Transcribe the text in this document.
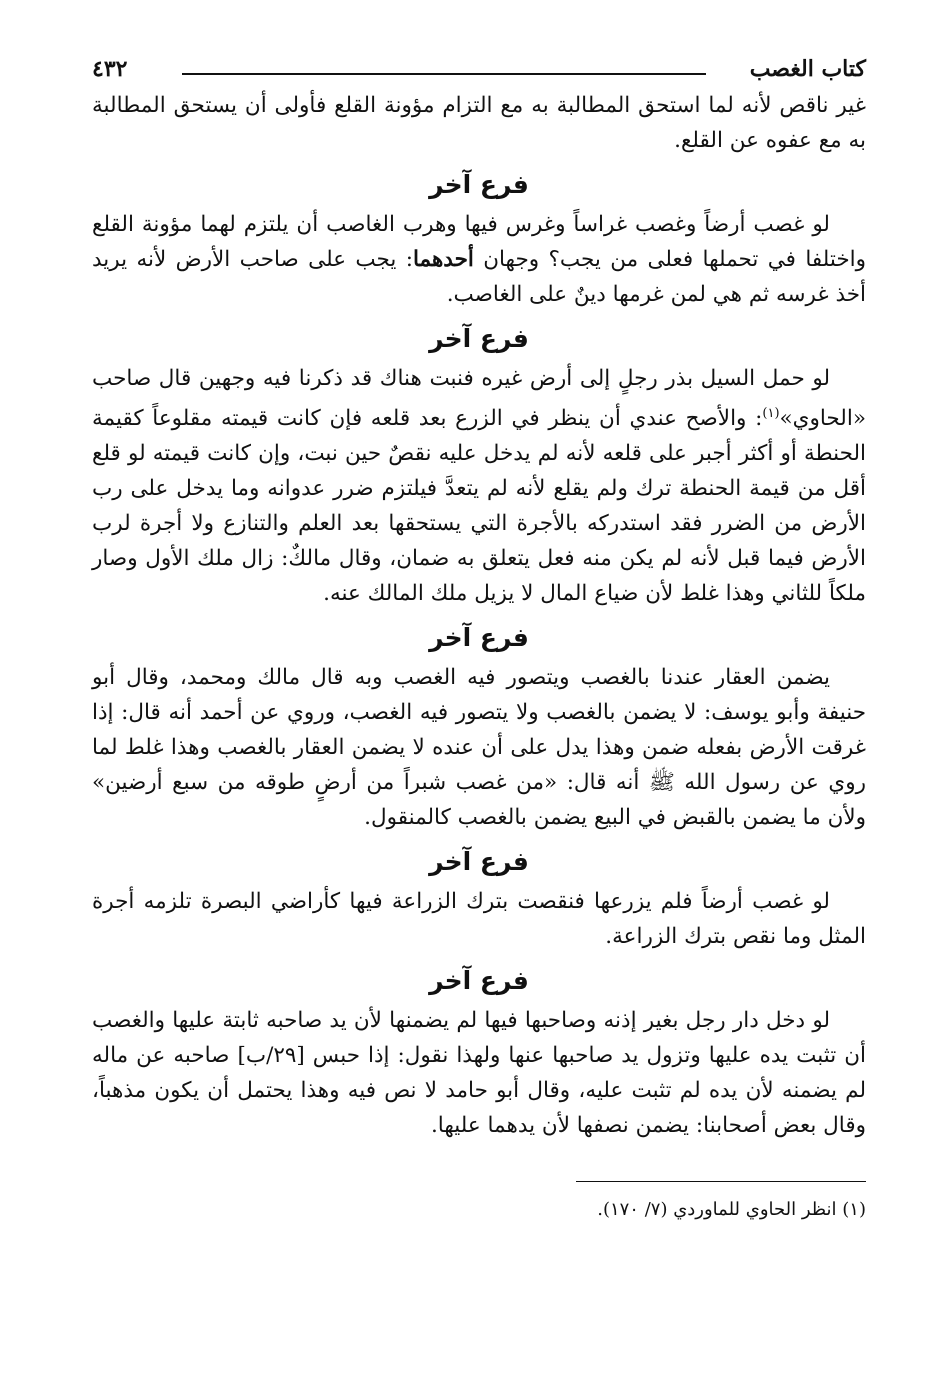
كتاب الغصب
٤٣٢

غير ناقص لأنه لما استحق المطالبة به مع التزام مؤونة القلع فأولى أن يستحق المطالبة به مع عفوه عن القلع.

فرع آخر

لو غصب أرضاً وغصب غراساً وغرس فيها وهرب الغاصب أن يلتزم لهما مؤونة القلع واختلفا في تحملها فعلى من يجب؟ وجهان أحدهما: يجب على صاحب الأرض لأنه يريد أخذ غرسه ثم هي لمن غرمها دينٌ على الغاصب.

فرع آخر

لو حمل السيل بذر رجلٍ إلى أرض غيره فنبت هناك قد ذكرنا فيه وجهين قال صاحب «الحاوي»$^{(١)}$: والأصح عندي أن ينظر في الزرع بعد قلعه فإن كانت قيمته مقلوعاً كقيمة الحنطة أو أكثر أجبر على قلعه لأنه لم يدخل عليه نقصٌ حين نبت، وإن كانت قيمته لو قلع أقل من قيمة الحنطة ترك ولم يقلع لأنه لم يتعدَّ فيلتزم ضرر عدوانه وما يدخل على رب الأرض من الضرر فقد استدركه بالأجرة التي يستحقها بعد العلم والتنازع ولا أجرة لرب الأرض فيما قبل لأنه لم يكن منه فعل يتعلق به ضمان، وقال مالكٌ: زال ملك الأول وصار ملكاً للثاني وهذا غلط لأن ضياع المال لا يزيل ملك المالك عنه.

فرع آخر

يضمن العقار عندنا بالغصب ويتصور فيه الغصب وبه قال مالك ومحمد، وقال أبو حنيفة وأبو يوسف: لا يضمن بالغصب ولا يتصور فيه الغصب، وروي عن أحمد أنه قال: إذا غرقت الأرض بفعله ضمن وهذا يدل على أن عنده لا يضمن العقار بالغصب وهذا غلط لما روي عن رسول الله ﷺ أنه قال: «من غصب شبراً من أرضٍ طوقه من سبع أرضين» ولأن ما يضمن بالقبض في البيع يضمن بالغصب كالمنقول.

فرع آخر

لو غصب أرضاً فلم يزرعها فنقصت بترك الزراعة فيها كأراضي البصرة تلزمه أجرة المثل وما نقص بترك الزراعة.

فرع آخر

لو دخل دار رجل بغير إذنه وصاحبها فيها لم يضمنها لأن يد صاحبه ثابتة عليها والغصب أن تثبت يده عليها وتزول يد صاحبها عنها ولهذا نقول: إذا حبس [٢٩/ب] صاحبه عن ماله لم يضمنه لأن يده لم تثبت عليه، وقال أبو حامد لا نص فيه وهذا يحتمل أن يكون مذهباً، وقال بعض أصحابنا: يضمن نصفها لأن يدهما عليها.

(١) انظر الحاوي للماوردي (٧/ ١٧٠).
